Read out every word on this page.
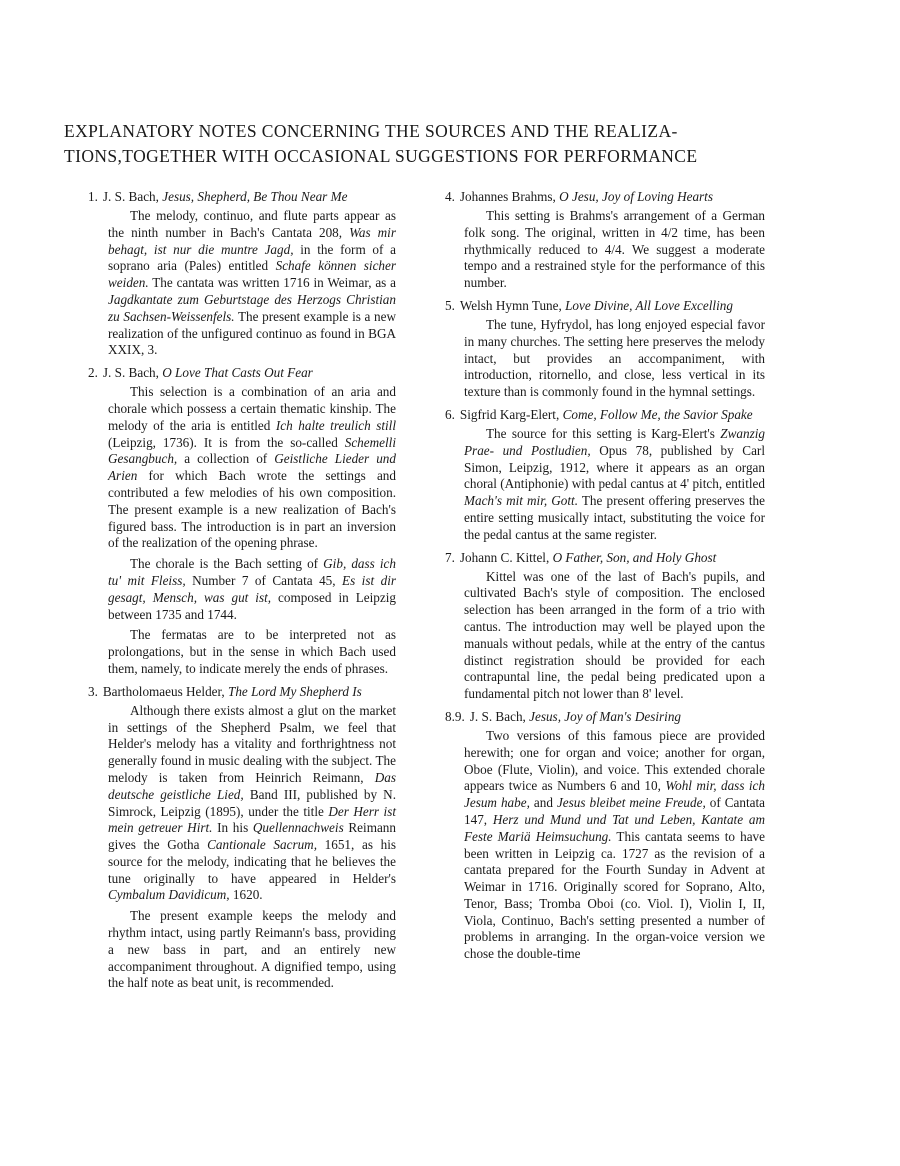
EXPLANATORY NOTES CONCERNING THE SOURCES AND THE REALIZA-
TIONS,TOGETHER WITH OCCASIONAL SUGGESTIONS FOR PERFORMANCE
1. J. S. Bach, Jesus, Shepherd, Be Thou Near Me

The melody, continuo, and flute parts appear as the ninth number in Bach's Cantata 208, Was mir behagt, ist nur die muntre Jagd, in the form of a soprano aria (Pales) entitled Schafe können sicher weiden. The cantata was written 1716 in Weimar, as a Jagdkantate zum Geburtstage des Herzogs Christian zu Sachsen-Weissenfels. The present example is a new realization of the unfigured continuo as found in BGA XXIX, 3.

2. J. S. Bach, O Love That Casts Out Fear

This selection is a combination of an aria and chorale which possess a certain thematic kinship. The melody of the aria is entitled Ich halte treulich still (Leipzig, 1736). It is from the so-called Schemelli Gesangbuch, a collection of Geistliche Lieder und Arien for which Bach wrote the settings and contributed a few melodies of his own composition. The present example is a new realization of Bach's figured bass. The introduction is in part an inversion of the realization of the opening phrase.

The chorale is the Bach setting of Gib, dass ich tu' mit Fleiss, Number 7 of Cantata 45, Es ist dir gesagt, Mensch, was gut ist, composed in Leipzig between 1735 and 1744.

The fermatas are to be interpreted not as prolongations, but in the sense in which Bach used them, namely, to indicate merely the ends of phrases.

3. Bartholomaeus Helder, The Lord My Shepherd Is

Although there exists almost a glut on the market in settings of the Shepherd Psalm, we feel that Helder's melody has a vitality and forthrightness not generally found in music dealing with the subject. The melody is taken from Heinrich Reimann, Das deutsche geistliche Lied, Band III, published by N. Simrock, Leipzig (1895), under the title Der Herr ist mein getreuer Hirt. In his Quellennachweis Reimann gives the Gotha Cantionale Sacrum, 1651, as his source for the melody, indicating that he believes the tune originally to have appeared in Helder's Cymbalum Davidicum, 1620.

The present example keeps the melody and rhythm intact, using partly Reimann's bass, providing a new bass in part, and an entirely new accompaniment throughout. A dignified tempo, using the half note as beat unit, is recommended.

4. Johannes Brahms, O Jesu, Joy of Loving Hearts

This setting is Brahms's arrangement of a German folk song. The original, written in 4/2 time, has been rhythmically reduced to 4/4. We suggest a moderate tempo and a restrained style for the performance of this number.

5. Welsh Hymn Tune, Love Divine, All Love Excelling

The tune, Hyfrydol, has long enjoyed especial favor in many churches. The setting here preserves the melody intact, but provides an accompaniment, with introduction, ritornello, and close, less vertical in its texture than is commonly found in the hymnal settings.

6. Sigfrid Karg-Elert, Come, Follow Me, the Savior Spake

The source for this setting is Karg-Elert's Zwanzig Prae- und Postludien, Opus 78, published by Carl Simon, Leipzig, 1912, where it appears as an organ choral (Antiphonie) with pedal cantus at 4' pitch, entitled Mach's mit mir, Gott. The present offering preserves the entire setting musically intact, substituting the voice for the pedal cantus at the same register.

7. Johann C. Kittel, O Father, Son, and Holy Ghost

Kittel was one of the last of Bach's pupils, and cultivated Bach's style of composition. The enclosed selection has been arranged in the form of a trio with cantus. The introduction may well be played upon the manuals without pedals, while at the entry of the cantus distinct registration should be provided for each contrapuntal line, the pedal being predicated upon a fundamental pitch not lower than 8' level.

8.9. J. S. Bach, Jesus, Joy of Man's Desiring

Two versions of this famous piece are provided herewith; one for organ and voice; another for organ, Oboe (Flute, Violin), and voice. This extended chorale appears twice as Numbers 6 and 10, Wohl mir, dass ich Jesum habe, and Jesus bleibet meine Freude, of Cantata 147, Herz und Mund und Tat und Leben, Kantate am Feste Mariä Heimsuchung. This cantata seems to have been written in Leipzig ca. 1727 as the revision of a cantata prepared for the Fourth Sunday in Advent at Weimar in 1716. Originally scored for Soprano, Alto, Tenor, Bass; Tromba Oboi (co. Viol. I), Violin I, II, Viola, Continuo, Bach's setting presented a number of problems in arranging. In the organ-voice version we chose the double-time
